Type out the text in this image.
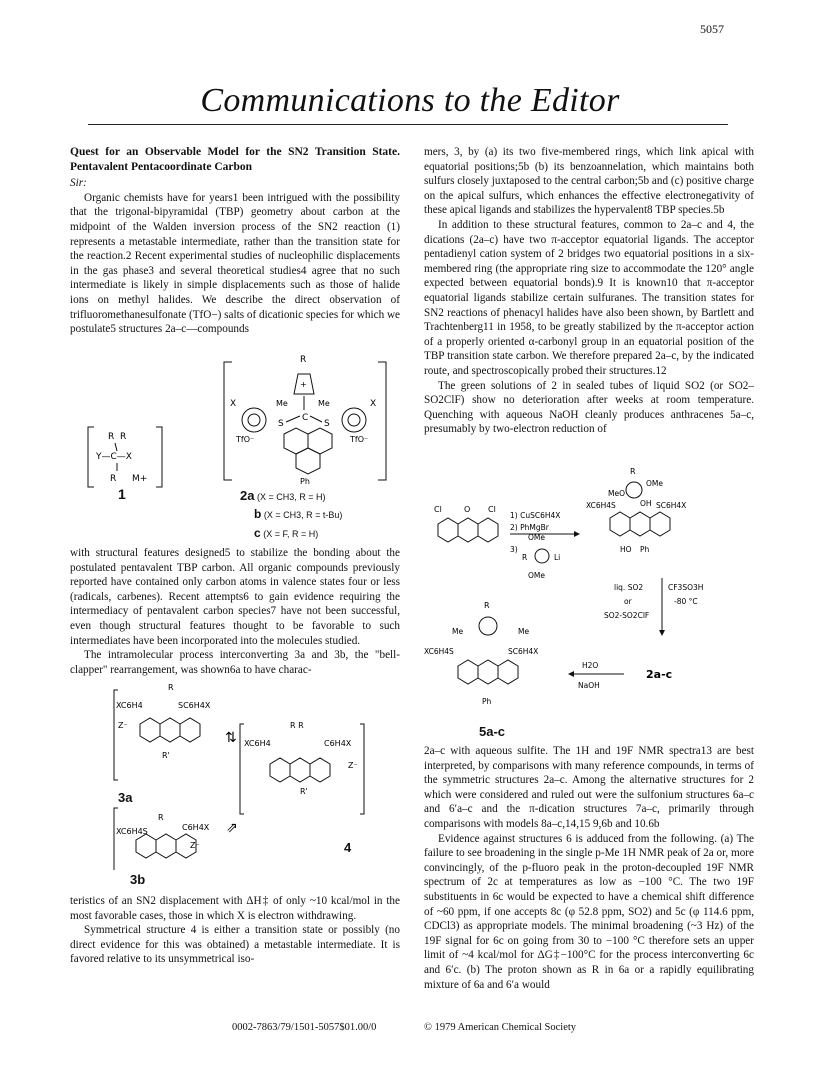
5057
Communications to the Editor
Quest for an Observable Model for the SN2 Transition State. Pentavalent Pentacoordinate Carbon

Sir:

Organic chemists have for years1 been intrigued with the possibility that the trigonal-bipyramidal (TBP) geometry about carbon at the midpoint of the Walden inversion process of the SN2 reaction (1) represents a metastable intermediate, rather than the transition state for the reaction.2 Recent experimental studies of nucleophilic displacements in the gas phase3 and several theoretical studies4 agree that no such intermediate is likely in simple displacements such as those of halide ions on methyl halides. We describe the direct observation of trifluoromethanesulfonate (TfO−) salts of dicationic species for which we postulate5 structures 2a–c—compounds

R R
Y—C—X
R M+
1
R
+
X	X
Me	Me
S
C
S
TfO⁻	TfO⁻
Ph
2a (X = CH3, R = H)
b (X = CH3, R = t-Bu)
c (X = F, R = H)

with structural features designed5 to stabilize the bonding about the postulated pentavalent TBP carbon. All organic compounds previously reported have contained only carbon atoms in valence states four or less (radicals, carbenes). Recent attempts6 to gain evidence requiring the intermediacy of pentavalent carbon species7 have not been successful, even though structural features thought to be favorable to such intermediates have been incorporated into the molecules studied.

The intramolecular process interconverting 3a and 3b, the "bell-clapper" rearrangement, was shown6a to have charac-

R
XC6H4	SC6H4X
Z⁻
R'
⇅
R R
XC6H4	C6H4X
Z⁻
R'
R
XC6H4S	C6H4X
Z⁻
⇗
3a
4
3b

teristics of an SN2 displacement with ΔH‡ of only ~10 kcal/mol in the most favorable cases, those in which X is electron withdrawing.

Symmetrical structure 4 is either a transition state or possibly (no direct evidence for this was obtained) a metastable intermediate. It is favored relative to its unsymmetrical iso-

mers, 3, by (a) its two five-membered rings, which link apical with equatorial positions;5b (b) its benzoannelation, which maintains both sulfurs closely juxtaposed to the central carbon;5b and (c) positive charge on the apical sulfurs, which enhances the effective electronegativity of these apical ligands and stabilizes the hypervalent8 TBP species.5b

In addition to these structural features, common to 2a–c and 4, the dications (2a–c) have two π-acceptor equatorial ligands. The acceptor pentadienyl cation system of 2 bridges two equatorial positions in a six-membered ring (the appropriate ring size to accommodate the 120° angle expected between equatorial bonds).9 It is known10 that π-acceptor equatorial ligands stabilize certain sulfuranes. The transition states for SN2 reactions of phenacyl halides have also been shown, by Bartlett and Trachtenberg11 in 1958, to be greatly stabilized by the π-acceptor action of a properly oriented α-carbonyl group in an equatorial position of the TBP transition state carbon. We therefore prepared 2a–c, by the indicated route, and spectroscopically probed their structures.12

The green solutions of 2 in sealed tubes of liquid SO2 (or SO2–SO2ClF) show no deterioration after weeks at room temperature. Quenching with aqueous NaOH cleanly produces anthracenes 5a–c, presumably by two-electron reduction of

Cl	O Cl
1) CuSC6H4X
2) PhMgBr
3)
OMe
R	Li
OMe
R
OMe
MeO
XC6H4S	OH SC6H4X
HO Ph
liq. SO2
or
SO2-SO2ClF
CF3SO3H
-80 °C
R
Me	Me
XC6H4S	SC6H4X
Ph
H2O
NaOH
2a-c
5a-c

2a–c with aqueous sulfite. The 1H and 19F NMR spectra13 are best interpreted, by comparisons with many reference compounds, in terms of the symmetric structures 2a–c. Among the alternative structures for 2 which were considered and ruled out were the sulfonium structures 6a–c and 6′a–c and the π-dication structures 7a–c, primarily through comparisons with models 8a–c,14,15 9,6b and 10.6b

Evidence against structures 6 is adduced from the following. (a) The failure to see broadening in the single p-Me 1H NMR peak of 2a or, more convincingly, of the p-fluoro peak in the proton-decoupled 19F NMR spectrum of 2c at temperatures as low as −100 °C. The two 19F substituents in 6c would be expected to have a chemical shift difference of ~60 ppm, if one accepts 8c (φ 52.8 ppm, SO2) and 5c (φ 114.6 ppm, CDCl3) as appropriate models. The minimal broadening (~3 Hz) of the 19F signal for 6c on going from 30 to −100 °C therefore sets an upper limit of ~4 kcal/mol for ΔG‡−100°C for the process interconverting 6c and 6′c. (b) The proton shown as R in 6a or a rapidly equilibrating mixture of 6a and 6′a would

0002-7863/79/1501-5057$01.00/0	© 1979 American Chemical Society
